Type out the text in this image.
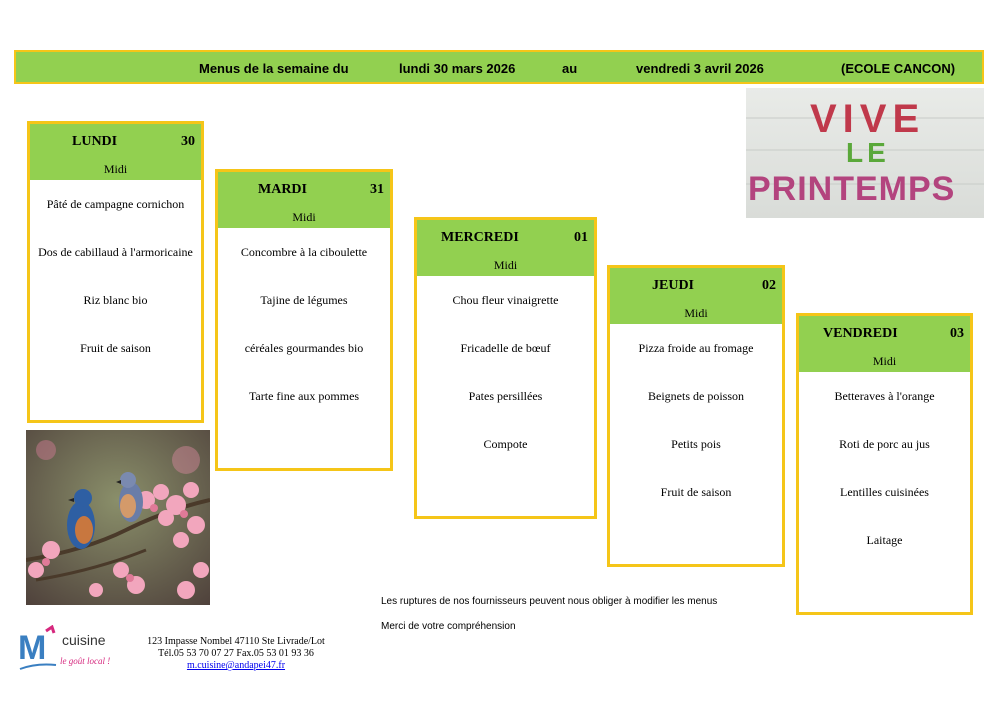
Menus de la semaine du	lundi 30 mars 2026	au	vendredi 3 avril 2026	(ECOLE CANCON)
VIVE
LE
PRINTEMPS
LUNDI	30
Midi
Pâté de campagne cornichon
Dos de cabillaud à l'armoricaine
Riz blanc bio
Fruit de saison
MARDI	31
Midi
Concombre à la ciboulette
Tajine de légumes
céréales gourmandes bio
Tarte fine aux pommes
MERCREDI	01
Midi
Chou fleur vinaigrette
Fricadelle de bœuf
Pates persillées
Compote
JEUDI	02
Midi
Pizza froide au fromage
Beignets de poisson
Petits pois
Fruit de saison
VENDREDI	03
Midi
Betteraves à l'orange
Roti de porc au jus
Lentilles cuisinées
Laitage
Les ruptures de nos fournisseurs peuvent nous obliger à modifier les menus
Merci de votre compréhension
M cuisine
le goût local !
123 Impasse Nombel 47110 Ste Livrade/Lot
Tél.05 53 70 07 27 Fax.05 53 01 93 36
m.cuisine@andapei47.fr
